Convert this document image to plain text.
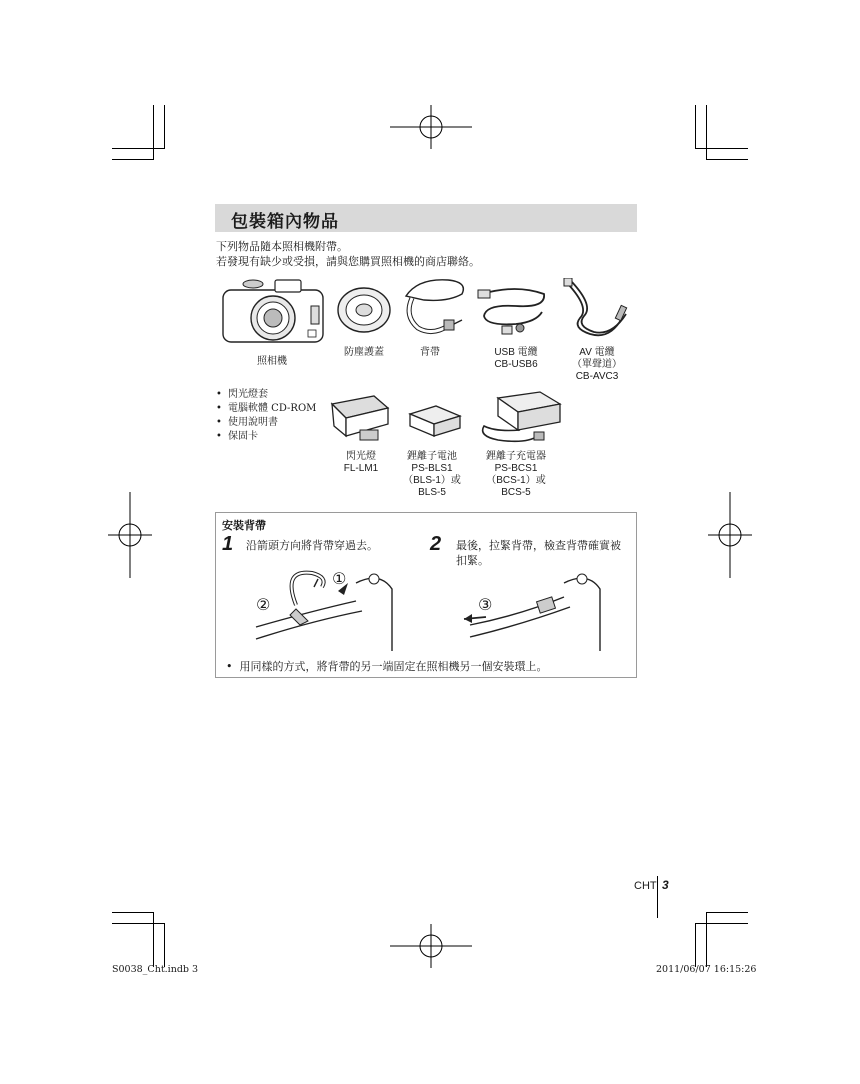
包裝箱內物品
下列物品隨本照相機附帶。
若發現有缺少或受損，請與您購買照相機的商店聯絡。
照相機
防塵護蓋	背帶	USB 電纜
CB-USB6
AV 電纜
（單聲道）
CB-AVC3
• 閃光燈套
• 電腦軟體 CD-ROM
• 使用說明書
• 保固卡
閃光燈
FL-LM1
鋰離子電池
PS-BLS1
（BLS-1）或
BLS-5
鋰離子充電器
PS-BCS1
（BCS-1）或
BCS-5
安裝背帶
1 沿箭頭方向將背帶穿過去。	2 最後，拉緊背帶，檢查背帶確實被
扣緊。
①
②	③
•  用同樣的方式，將背帶的另一端固定在照相機另一個安裝環上。
CHT 3
S0038_Cht.indb 3	2011/06/07 16:15:26
